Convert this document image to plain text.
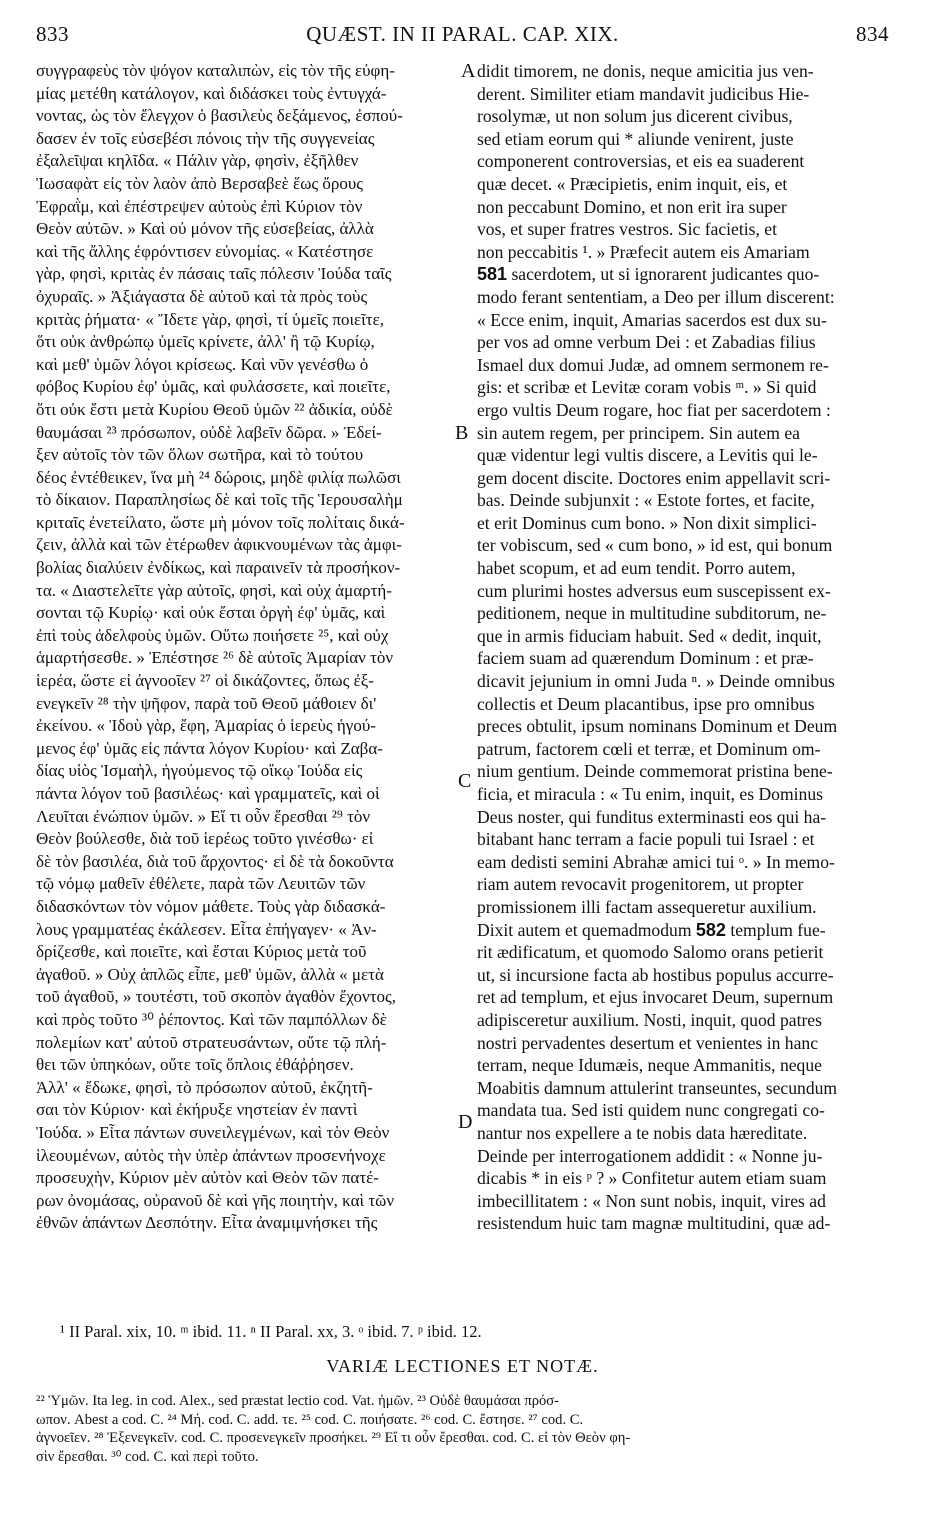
833	QUÆST. IN II PARAL. CAP. XIX.	834
συγγραφεὺς τὸν ψόγον καταλιπὼν, εἰς τὸν τῆς εὐφη-
μίας μετέθη κατάλογον, καὶ διδάσκει τοὺς ἐντυγχά-
νοντας, ὡς τὸν ἔλεγχον ὁ βασιλεὺς δεξάμενος, ἐσπού-
δασεν ἐν τοῖς εὐσεβέσι πόνοις τὴν τῆς συγγενείας
ἐξαλεῖψαι κηλῖδα. « Πάλιν γὰρ, φησὶν, ἐξῆλθεν
Ἰωσαφὰτ εἰς τὸν λαὸν ἀπὸ Βερσαβεὲ ἕως ὄρους
Ἐφραῒμ, καὶ ἐπέστρεψεν αὐτοὺς ἐπὶ Κύριον τὸν
Θεὸν αὐτῶν. » Καὶ οὐ μόνον τῆς εὐσεβείας, ἀλλὰ
καὶ τῆς ἄλλης ἐφρόντισεν εὐνομίας. « Κατέστησε
γὰρ, φησὶ, κριτὰς ἐν πάσαις ταῖς πόλεσιν Ἰούδα ταῖς
ὀχυραῖς. » Ἀξιάγαστα δὲ αὐτοῦ καὶ τὰ πρὸς τοὺς
κριτὰς ῥήματα· « Ἴδετε γὰρ, φησὶ, τί ὑμεῖς ποιεῖτε,
ὅτι οὐκ ἀνθρώπῳ ὑμεῖς κρίνετε, ἀλλ' ἢ τῷ Κυρίῳ,
καὶ μεθ' ὑμῶν λόγοι κρίσεως. Καὶ νῦν γενέσθω ὁ
φόβος Κυρίου ἐφ' ὑμᾶς, καὶ φυλάσσετε, καὶ ποιεῖτε,
ὅτι οὐκ ἔστι μετὰ Κυρίου Θεοῦ ὑμῶν ²² ἀδικία, οὐδὲ
θαυμάσαι ²³ πρόσωπον, οὐδὲ λαβεῖν δῶρα. » Ἐδεί-
ξεν αὐτοῖς τὸν τῶν ὅλων σωτῆρα, καὶ τὸ τούτου
δέος ἐντέθεικεν, ἵνα μὴ ²⁴ δώροις, μηδὲ φιλίᾳ πωλῶσι
τὸ δίκαιον. Παραπλησίως δὲ καὶ τοῖς τῆς Ἱερουσαλὴμ
κριταῖς ἐνετείλατο, ὥστε μὴ μόνον τοῖς πολίταις δικά-
ζειν, ἀλλὰ καὶ τῶν ἑτέρωθεν ἀφικνουμένων τὰς ἀμφι-
βολίας διαλύειν ἐνδίκως, καὶ παραινεῖν τὰ προσήκον-
τα. « Διαστελεῖτε γὰρ αὐτοῖς, φησὶ, καὶ οὐχ ἁμαρτή-
σονται τῷ Κυρίῳ· καὶ οὐκ ἔσται ὀργὴ ἐφ' ὑμᾶς, καὶ
ἐπὶ τοὺς ἀδελφοὺς ὑμῶν. Οὕτω ποιήσετε ²⁵, καὶ οὐχ
ἁμαρτήσεσθε. » Ἐπέστησε ²⁶ δὲ αὐτοῖς Ἀμαρίαν τὸν
ἱερέα, ὥστε εἰ ἀγνοοῖεν ²⁷ οἱ δικάζοντες, ὅπως ἐξ-
ενεγκεῖν ²⁸ τὴν ψῆφον, παρὰ τοῦ Θεοῦ μάθοιεν δι'
ἐκείνου. « Ἰδοὺ γὰρ, ἔφη, Ἀμαρίας ὁ ἱερεὺς ἡγού-
μενος ἐφ' ὑμᾶς εἰς πάντα λόγον Κυρίου· καὶ Ζαβα-
δίας υἱὸς Ἰσμαὴλ, ἡγούμενος τῷ οἴκῳ Ἰούδα εἰς
πάντα λόγον τοῦ βασιλέως· καὶ γραμματεῖς, καὶ οἱ
Λευῖται ἐνώπιον ὑμῶν. » Εἴ τι οὖν ἔρεσθαι ²⁹ τὸν
Θεὸν βούλεσθε, διὰ τοῦ ἱερέως τοῦτο γινέσθω· εἰ
δὲ τὸν βασιλέα, διὰ τοῦ ἄρχοντος· εἰ δὲ τὰ δοκοῦντα
τῷ νόμῳ μαθεῖν ἐθέλετε, παρὰ τῶν Λευιτῶν τῶν
διδασκόντων τὸν νόμον μάθετε. Τοὺς γὰρ διδασκά-
λους γραμματέας ἐκάλεσεν. Εἶτα ἐπήγαγεν· « Ἀν-
δρίζεσθε, καὶ ποιεῖτε, καὶ ἔσται Κύριος μετὰ τοῦ
ἀγαθοῦ. » Οὐχ ἁπλῶς εἶπε, μεθ' ὑμῶν, ἀλλὰ « μετὰ
τοῦ ἀγαθοῦ, » τουτέστι, τοῦ σκοπὸν ἀγαθὸν ἔχοντος,
καὶ πρὸς τοῦτο ³⁰ ῥέποντος. Καὶ τῶν παμπόλλων δὲ
πολεμίων κατ' αὐτοῦ στρατευσάντων, οὔτε τῷ πλή-
θει τῶν ὑπηκόων, οὔτε τοῖς ὅπλοις ἐθάῤῥησεν.
Ἀλλ' « ἔδωκε, φησὶ, τὸ πρόσωπον αὐτοῦ, ἐκζητῆ-
σαι τὸν Κύριον· καὶ ἐκήρυξε νηστείαν ἐν παντὶ
Ἰούδα. » Εἶτα πάντων συνειλεγμένων, καὶ τὸν Θεὸν
ἱλεουμένων, αὐτὸς τὴν ὑπὲρ ἁπάντων προσενήνοχε
προσευχὴν, Κύριον μὲν αὐτὸν καὶ Θεὸν τῶν πατέ-
ρων ὀνομάσας, οὐρανοῦ δὲ καὶ γῆς ποιητὴν, καὶ τῶν
ἐθνῶν ἁπάντων Δεσπότην. Εἶτα ἀναμιμνήσκει τῆς
didit timorem, ne donis, neque amicitia jus ven-
derent. Similiter etiam mandavit judicibus Hie-
rosolymæ, ut non solum jus dicerent civibus,
sed etiam eorum qui * aliunde venirent, juste
componerent controversias, et eis ea suaderent
quæ decet. « Præcipietis, enim inquit, eis, et
non peccabunt Domino, et non erit ira super
vos, et super fratres vestros. Sic facietis, et
non peccabitis ¹. » Præfecit autem eis Amariam
581 sacerdotem, ut si ignorarent judicantes quo-
modo ferant sententiam, a Deo per illum discerent:
« Ecce enim, inquit, Amarias sacerdos est dux su-
per vos ad omne verbum Dei : et Zabadias filius
Ismael dux domui Judæ, ad omnem sermonem re-
gis: et scribæ et Levitæ coram vobis ᵐ. » Si quid
ergo vultis Deum rogare, hoc fiat per sacerdotem :
sin autem regem, per principem. Sin autem ea
quæ videntur legi vultis discere, a Levitis qui le-
gem docent discite. Doctores enim appellavit scri-
bas. Deinde subjunxit : « Estote fortes, et facite,
et erit Dominus cum bono. » Non dixit simplici-
ter vobiscum, sed « cum bono, » id est, qui bonum
habet scopum, et ad eum tendit. Porro autem,
cum plurimi hostes adversus eum suscepissent ex-
peditionem, neque in multitudine subditorum, ne-
que in armis fiduciam habuit. Sed « dedit, inquit,
faciem suam ad quærendum Dominum : et præ-
dicavit jejunium in omni Juda ⁿ. » Deinde omnibus
collectis et Deum placantibus, ipse pro omnibus
preces obtulit, ipsum nominans Dominum et Deum
patrum, factorem cœli et terræ, et Dominum om-
nium gentium. Deinde commemorat pristina bene-
ficia, et miracula : « Tu enim, inquit, es Dominus
Deus noster, qui funditus exterminasti eos qui ha-
bitabant hanc terram a facie populi tui Israel : et
eam dedisti semini Abrahæ amici tui ᵒ. » In memo-
riam autem revocavit progenitorem, ut propter
promissionem illi factam assequeretur auxilium.
Dixit autem et quemadmodum 582 templum fue-
rit ædificatum, et quomodo Salomo orans petierit
ut, si incursione facta ab hostibus populus accurre-
ret ad templum, et ejus invocaret Deum, supernum
adipisceretur auxilium. Nosti, inquit, quod patres
nostri pervadentes desertum et venientes in hanc
terram, neque Idumæis, neque Ammanitis, neque
Moabitis damnum attulerint transeuntes, secundum
mandata tua. Sed isti quidem nunc congregati co-
nantur nos expellere a te nobis data hæreditate.
Deinde per interrogationem addidit : « Nonne ju-
dicabis * in eis ᵖ ? » Confitetur autem etiam suam
imbecillitatem : « Non sunt nobis, inquit, vires ad
resistendum huic tam magnæ multitudini, quæ ad-
A
B
C
D
¹ II Paral. xix, 10. ᵐ ibid. 11. ⁿ II Paral. xx, 3. ᵒ ibid. 7. ᵖ ibid. 12.
VARIÆ LECTIONES ET NOTÆ.
²² Ὑμῶν. Ita leg. in cod. Alex., sed præstat lectio cod. Vat. ἡμῶν. ²³ Οὐδὲ θαυμάσαι πρόσ-
ωπον. Abest a cod. C. ²⁴ Μή. cod. C. add. τε. ²⁵ cod. C. ποιήσατε. ²⁶ cod. C. ἔστησε. ²⁷ cod. C.
ἀγνοεῖεν. ²⁸ Ἐξενεγκεῖν. cod. C. προσενεγκεῖν προσήκει. ²⁹ Εἴ τι οὖν ἔρεσθαι. cod. C. εἰ τὸν Θεὸν φη-
σὶν ἔρεσθαι. ³⁰ cod. C. καὶ περὶ τοῦτο.
